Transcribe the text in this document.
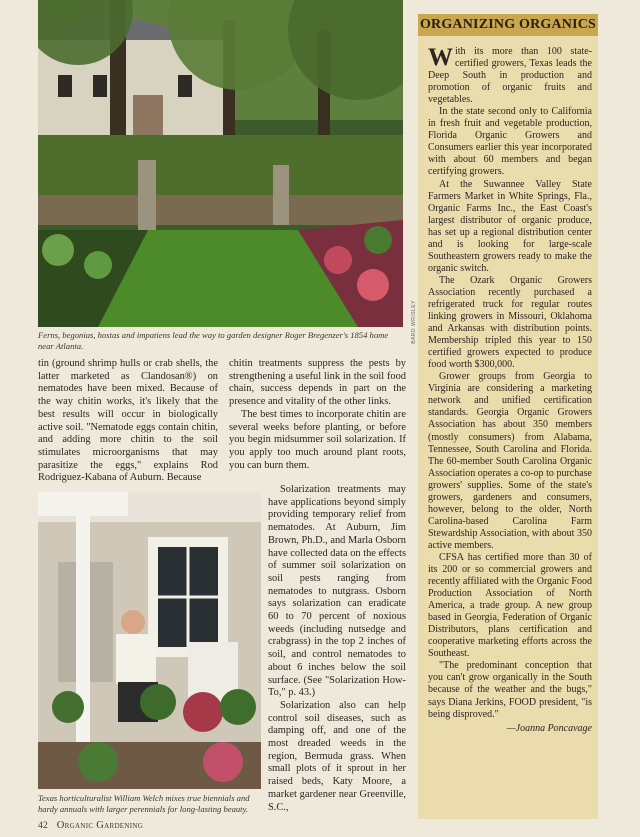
BARD WRISLEY
Ferns, begonias, hostas and impatiens lead the way to garden designer Roger Bregenzer's 1854 home near Atlanta.

tin (ground shrimp hulls or crab shells, the latter marketed as Clandosan®) on nematodes have been mixed. Because of the way chitin works, it's likely that the best results will occur in biologically active soil. "Nematode eggs contain chitin, and adding more chitin to the soil stimulates microorganisms that may parasitize the eggs," explains Rod Rodriguez-Kabana of Auburn. Because

chitin treatments suppress the pests by strengthening a useful link in the soil food chain, success depends in part on the presence and vitality of the other links.

The best times to incorporate chitin are several weeks before planting, or before you begin midsummer soil solarization. If you apply too much around plant roots, you can burn them.

Solarization treatments may have applications beyond simply providing temporary relief from nematodes. At Auburn, Jim Brown, Ph.D., and Marla Osborn have collected data on the effects of summer soil solarization on soil pests ranging from nematodes to nutgrass. Osborn says solarization can eradicate 60 to 70 percent of noxious weeds (including nutsedge and crabgrass) in the top 2 inches of soil, and control nematodes to about 6 inches below the soil surface. (See "Solarization How-To," p. 43.)

Solarization also can help control soil diseases, such as damping off, and one of the most dreaded weeds in the region, Bermuda grass. When small plots of it sprout in her raised beds, Katy Moore, a market gardener near Greenville, S.C.,

Texas horticulturalist William Welch mixes true biennials and hardy annuals with larger perennials for long-lasting beauty.
ORGANIZING ORGANICS

With its more than 100 state-certified growers, Texas leads the Deep South in production and promotion of organic fruits and vegetables.

In the state second only to California in fresh fruit and vegetable production, Florida Organic Growers and Consumers earlier this year incorporated with about 60 members and began certifying growers.

At the Suwannee Valley State Farmers Market in White Springs, Fla., Organic Farms Inc., the East Coast's largest distributor of organic produce, has set up a regional distribution center and is looking for large-scale Southeastern growers ready to make the organic switch.

The Ozark Organic Growers Association recently purchased a refrigerated truck for regular routes linking growers in Missouri, Oklahoma and Arkansas with distribution points. Membership tripled this year to 150 certified growers expected to produce food worth $300,000.

Grower groups from Georgia to Virginia are considering a marketing network and unified certification standards. Georgia Organic Growers Association has about 350 members (mostly consumers) from Alabama, Tennessee, South Carolina and Florida. The 60-member South Carolina Organic Association operates a co-op to purchase growers' supplies. Some of the state's growers, gardeners and consumers, however, belong to the older, North Carolina-based Carolina Farm Stewardship Association, with about 350 active members.

CFSA has certified more than 30 of its 200 or so commercial growers and recently affiliated with the Organic Food Production Association of North America, a trade group. A new group based in Georgia, Federation of Organic Distributors, plans certification and cooperative marketing efforts across the Southeast.

"The predominant conception that you can't grow organically in the South because of the weather and the bugs," says Diana Jerkins, FOOD president, "is being disproved."

—Joanna Poncavage

42 Organic Gardening
